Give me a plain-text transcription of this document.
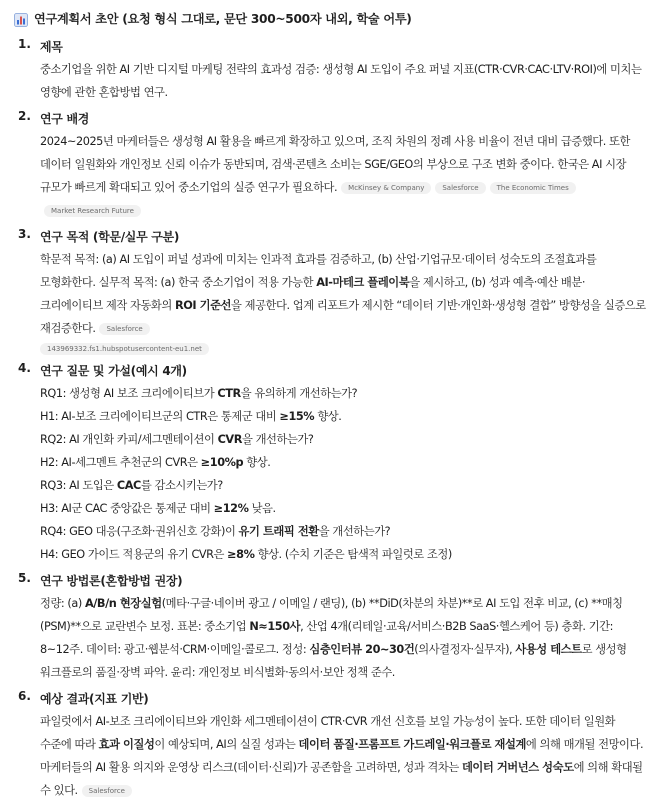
연구계획서 초안 (요청 형식 그대로, 문단 300~500자 내외, 학술 어투)
1. 제목
중소기업을 위한 AI 기반 디지털 마케팅 전략의 효과성 검증: 생성형 AI 도입이 주요 퍼널 지표(CTR·CVR·CAC·LTV·ROI)에 미치는 영향에 관한 혼합방법 연구.
2. 연구 배경
2024~2025년 마케터들은 생성형 AI 활용을 빠르게 확장하고 있으며, 조직 차원의 정례 사용 비율이 전년 대비 급증했다. 또한 데이터 일원화와 개인정보 신뢰 이슈가 동반되며, 검색·콘텐츠 소비는 SGE/GEO의 부상으로 구조 변화 중이다. 한국은 AI 시장 규모가 빠르게 확대되고 있어 중소기업의 실증 연구가 필요하다. McKinsey & Company	Salesforce	The Economic TimesMarket Research Future
3. 연구 목적 (학문/실무 구분)
학문적 목적: (a) AI 도입이 퍼널 성과에 미치는 인과적 효과를 검증하고, (b) 산업·기업규모·데이터 성숙도의 조절효과를 모형화한다. 실무적 목적: (a) 한국 중소기업이 적용 가능한 AI-마테크 플레이북을 제시하고, (b) 성과 예측·예산 배분·크리에이티브 제작 자동화의 ROI 기준선을 제공한다. 업계 리포트가 제시한 “데이터 기반·개인화·생성형 결합” 방향성을 실증으로 재검증한다. Salesforce
143969332.fs1.hubspotusercontent-eu1.net
4. 연구 질문 및 가설(예시 4개)
RQ1: 생성형 AI 보조 크리에이티브가 CTR을 유의하게 개선하는가?
H1: AI-보조 크리에이티브군의 CTR은 통제군 대비 ≥15% 향상.
RQ2: AI 개인화 카피/세그멘테이션이 CVR을 개선하는가?
H2: AI-세그멘트 추천군의 CVR은 ≥10%p 향상.
RQ3: AI 도입은 CAC를 감소시키는가?
H3: AI군 CAC 중앙값은 통제군 대비 ≥12% 낮음.
RQ4: GEO 대응(구조화·권위신호 강화)이 유기 트래픽 전환을 개선하는가?
H4: GEO 가이드 적용군의 유기 CVR은 ≥8% 향상. (수치 기준은 탐색적 파일럿로 조정)
5. 연구 방법론(혼합방법 권장)
정량: (a) A/B/n 현장실험(메타·구글·네이버 광고 / 이메일 / 랜딩), (b) **DiD(차분의 차분)**로 AI 도입 전후 비교, (c) **매칭(PSM)**으로 교란변수 보정. 표본: 중소기업 N≈150사, 산업 4개(리테일·교육/서비스·B2B SaaS·헬스케어 등) 층화. 기간: 8~12주. 데이터: 광고·웹분석·CRM·이메일·콜로그. 정성: 심층인터뷰 20~30건(의사결정자·실무자), 사용성 테스트로 생성형 워크플로의 품질·장벽 파악. 윤리: 개인정보 비식별화·동의서·보안 정책 준수.
6. 예상 결과(지표 기반)
파일럿에서 AI-보조 크리에이티브와 개인화 세그멘테이션이 CTR·CVR 개선 신호를 보일 가능성이 높다. 또한 데이터 일원화 수준에 따라 효과 이질성이 예상되며, AI의 실질 성과는 데이터 품질·프롬프트 가드레일·워크플로 재설계에 의해 매개될 전망이다. 마케터들의 AI 활용 의지와 운영상 리스크(데이터·신뢰)가 공존함을 고려하면, 성과 격차는 데이터 거버넌스 성숙도에 의해 확대될 수 있다. Salesforce
